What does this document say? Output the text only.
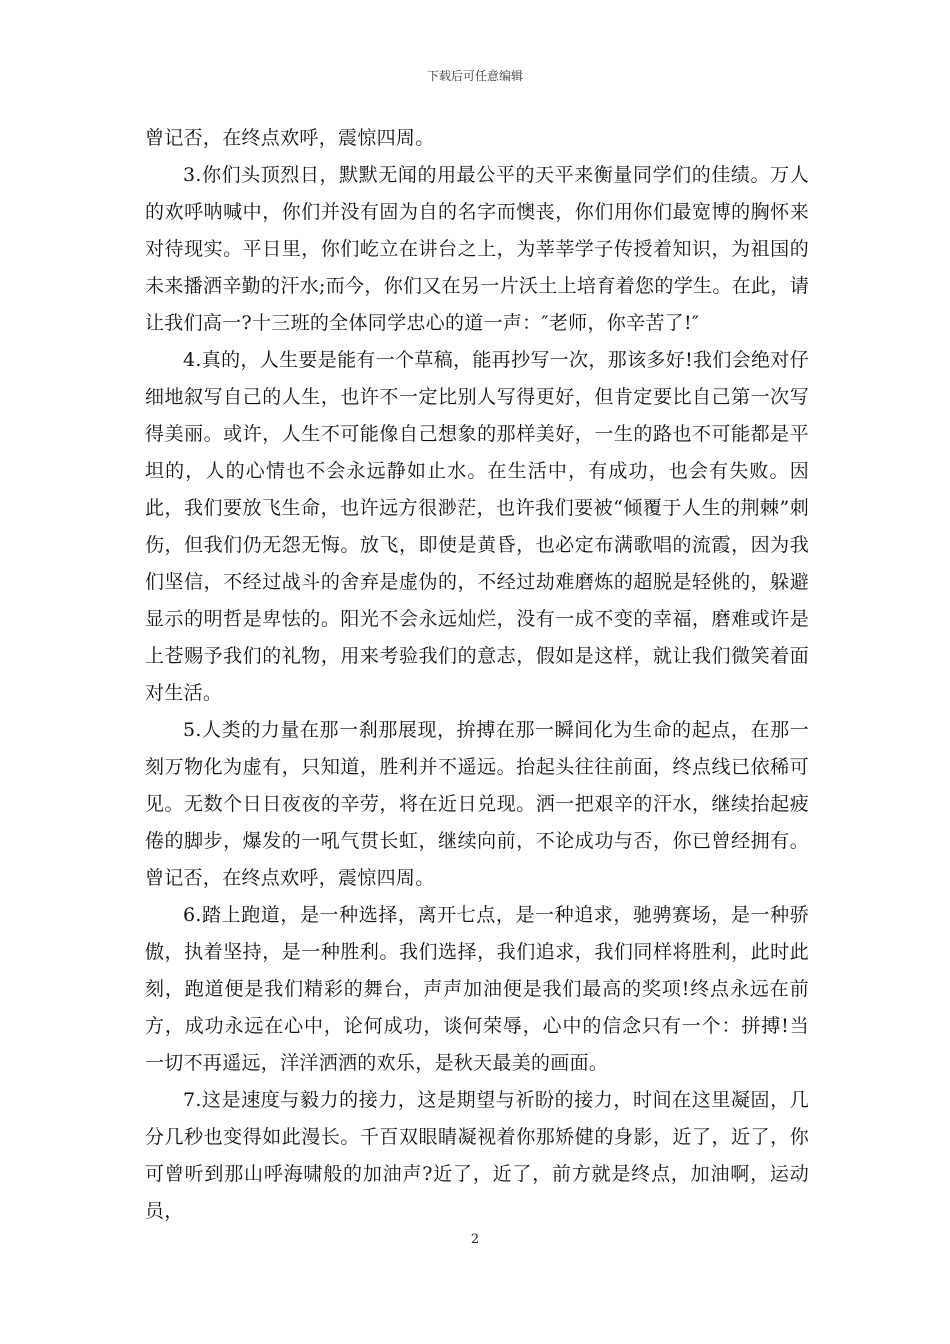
下载后可任意编辑

曾记否，在终点欢呼，震惊四周。

3.你们头顶烈日，默默无闻的用最公平的天平来衡量同学们的佳绩。万人的欢呼呐喊中，你们并没有固为自的名字而懊丧，你们用你们最宽博的胸怀来对待现实。平日里，你们屹立在讲台之上，为莘莘学子传授着知识，为祖国的未来播洒辛勤的汗水;而今，你们又在另一片沃土上培育着您的学生。在此，请让我们高一?十三班的全体同学忠心的道一声：″老师，你辛苦了!″

4.真的，人生要是能有一个草稿，能再抄写一次，那该多好!我们会绝对仔细地叙写自己的人生，也许不一定比别人写得更好，但肯定要比自己第一次写得美丽。或许，人生不可能像自己想象的那样美好，一生的路也不可能都是平坦的，人的心情也不会永远静如止水。在生活中，有成功，也会有失败。因此，我们要放飞生命，也许远方很渺茫，也许我们要被“倾覆于人生的荆棘”刺伤，但我们仍无怨无悔。放飞，即使是黄昏，也必定布满歌唱的流霞，因为我们坚信，不经过战斗的舍弃是虚伪的，不经过劫难磨炼的超脱是轻佻的，躲避显示的明哲是卑怯的。阳光不会永远灿烂，没有一成不变的幸福，磨难或许是上苍赐予我们的礼物，用来考验我们的意志，假如是这样，就让我们微笑着面对生活。

5.人类的力量在那一刹那展现，拚搏在那一瞬间化为生命的起点，在那一刻万物化为虚有，只知道，胜利并不遥远。抬起头往往前面，终点线已依稀可见。无数个日日夜夜的辛劳，将在近日兑现。洒一把艰辛的汗水，继续抬起疲倦的脚步，爆发的一吼气贯长虹，继续向前，不论成功与否，你已曾经拥有。曾记否，在终点欢呼，震惊四周。

6.踏上跑道，是一种选择，离开七点，是一种追求，驰骋赛场，是一种骄傲，执着坚持，是一种胜利。我们选择，我们追求，我们同样将胜利，此时此刻，跑道便是我们精彩的舞台，声声加油便是我们最高的奖项!终点永远在前方，成功永远在心中，论何成功，谈何荣辱，心中的信念只有一个：拼搏!当一切不再遥远，洋洋洒洒的欢乐，是秋天最美的画面。

7.这是速度与毅力的接力，这是期望与祈盼的接力，时间在这里凝固，几分几秒也变得如此漫长。千百双眼睛凝视着你那矫健的身影，近了，近了，你可曾听到那山呼海啸般的加油声?近了，近了，前方就是终点，加油啊，运动员，

2
